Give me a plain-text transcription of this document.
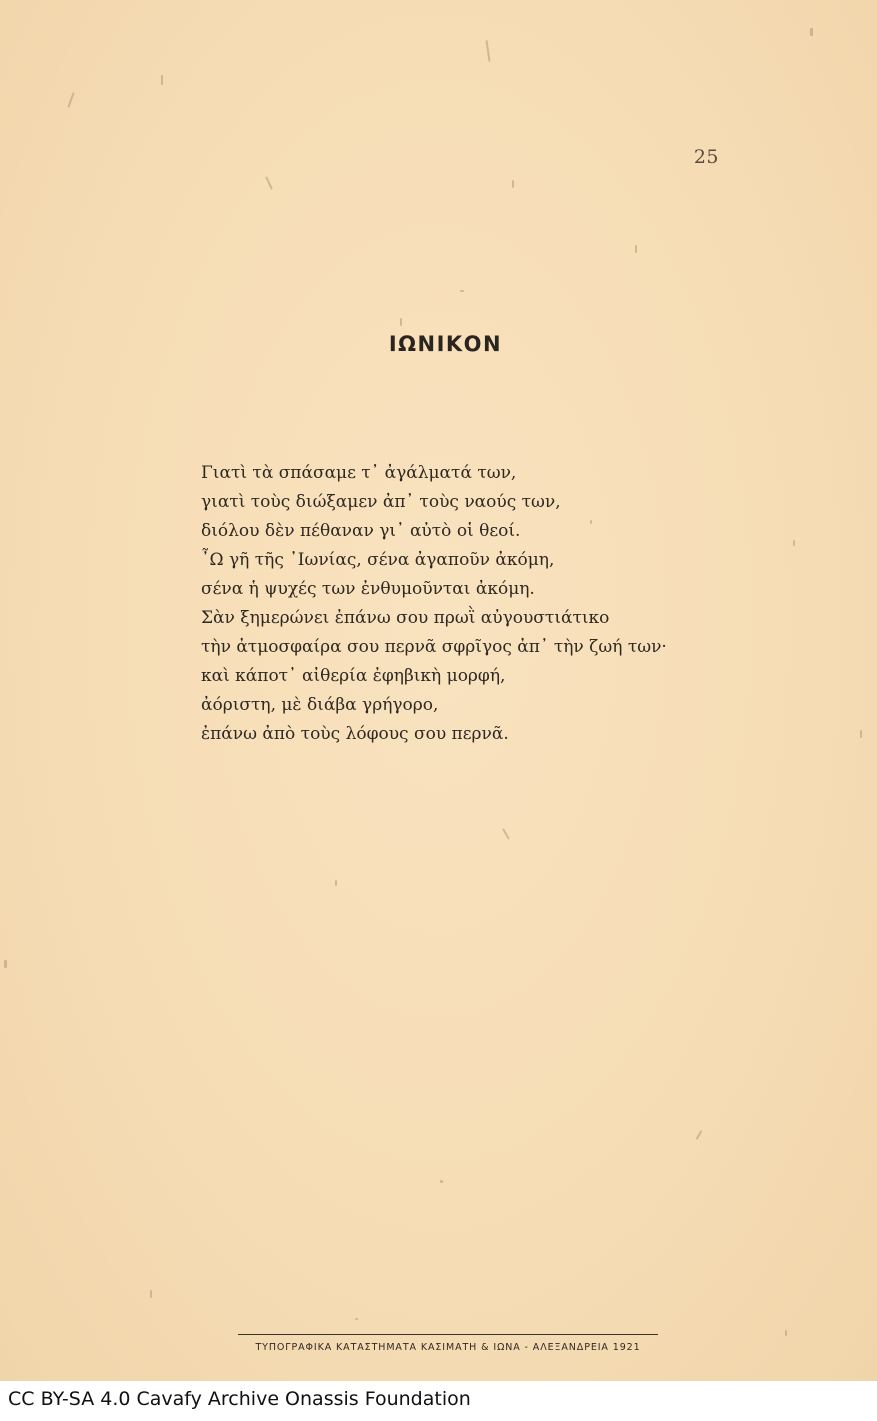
25
ΙΩΝΙΚΟΝ
Γιατὶ τὰ σπάσαμε τ᾽ ἀγάλματά των,
γιατὶ τοὺς διώξαμεν ἀπ᾽ τοὺς ναούς των,
διόλου δὲν πέθαναν γι᾽ αὐτὸ οἱ θεοί.
῏Ω γῆ τῆς ᾽Ιωνίας, σένα ἀγαποῦν ἀκόμη,
σένα ἡ ψυχές των ἐνθυμοῦνται ἀκόμη.
Σὰν ξημερώνει ἐπάνω σου πρωῒ αὐγουστιάτικο
τὴν ἀτμοσφαίρα σου περνᾶ σφρῖγος ἀπ᾽ τὴν ζωή των·
καὶ κάποτ᾽ αἰθερία ἐφηβικὴ μορφή,
ἀόριστη, μὲ διάβα γρήγορο,
ἐπάνω ἀπὸ τοὺς λόφους σου περνᾶ.
ΤΥΠΟΓΡΑΦΙΚΑ ΚΑΤΑΣΤΗΜΑΤΑ ΚΑΣΙΜΑΤΗ & ΙΩΝΑ - ΑΛΕΞΑΝΔΡΕΙΑ 1921
CC BY-SA 4.0 Cavafy Archive Onassis Foundation
